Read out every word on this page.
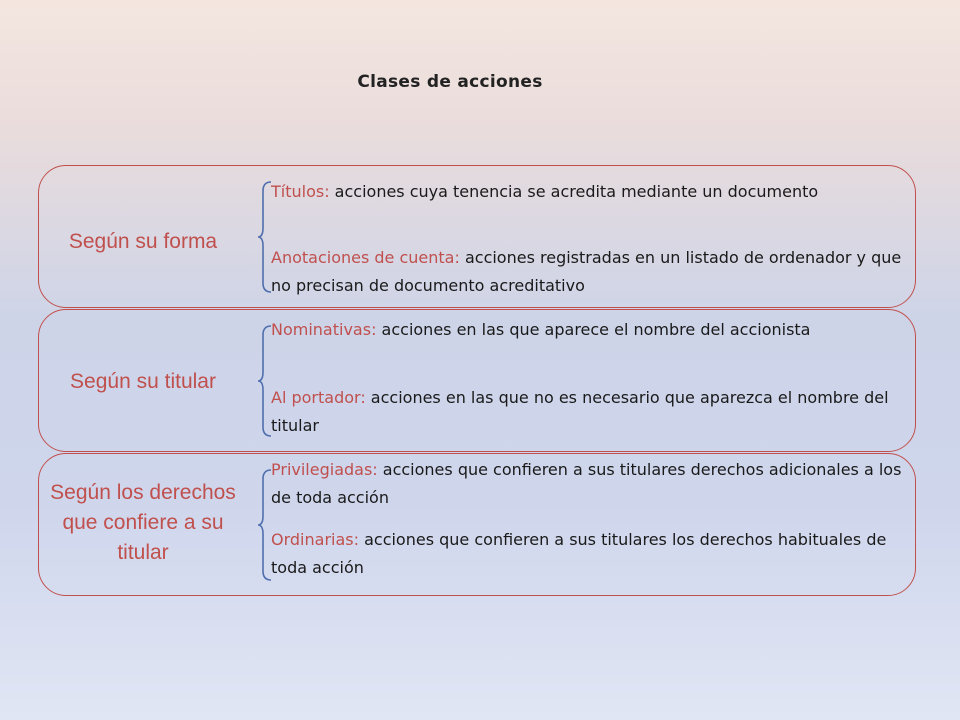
Clases de acciones
Según su forma
Títulos: acciones cuya tenencia se acredita mediante un documento
Anotaciones de cuenta: acciones registradas en un listado de ordenador y que no precisan de documento acreditativo
Según su titular
Nominativas: acciones en las que aparece el nombre del accionista
Al portador: acciones en las que no es necesario que aparezca el nombre del titular
Según los derechos que confiere a su titular
Privilegiadas: acciones que confieren a sus titulares derechos adicionales a los de toda acción
Ordinarias: acciones que confieren a sus titulares los derechos habituales de toda acción
